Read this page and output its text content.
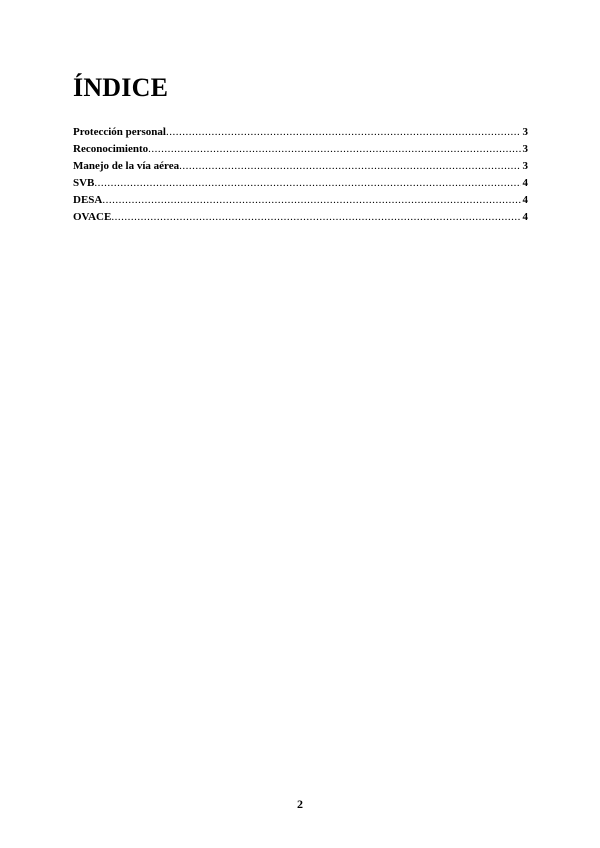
ÍNDICE
Protección personal .....	3
Reconocimiento .....	3
Manejo de la vía aérea .....	3
SVB .....	4
DESA .....	4
OVACE .....	4
2
